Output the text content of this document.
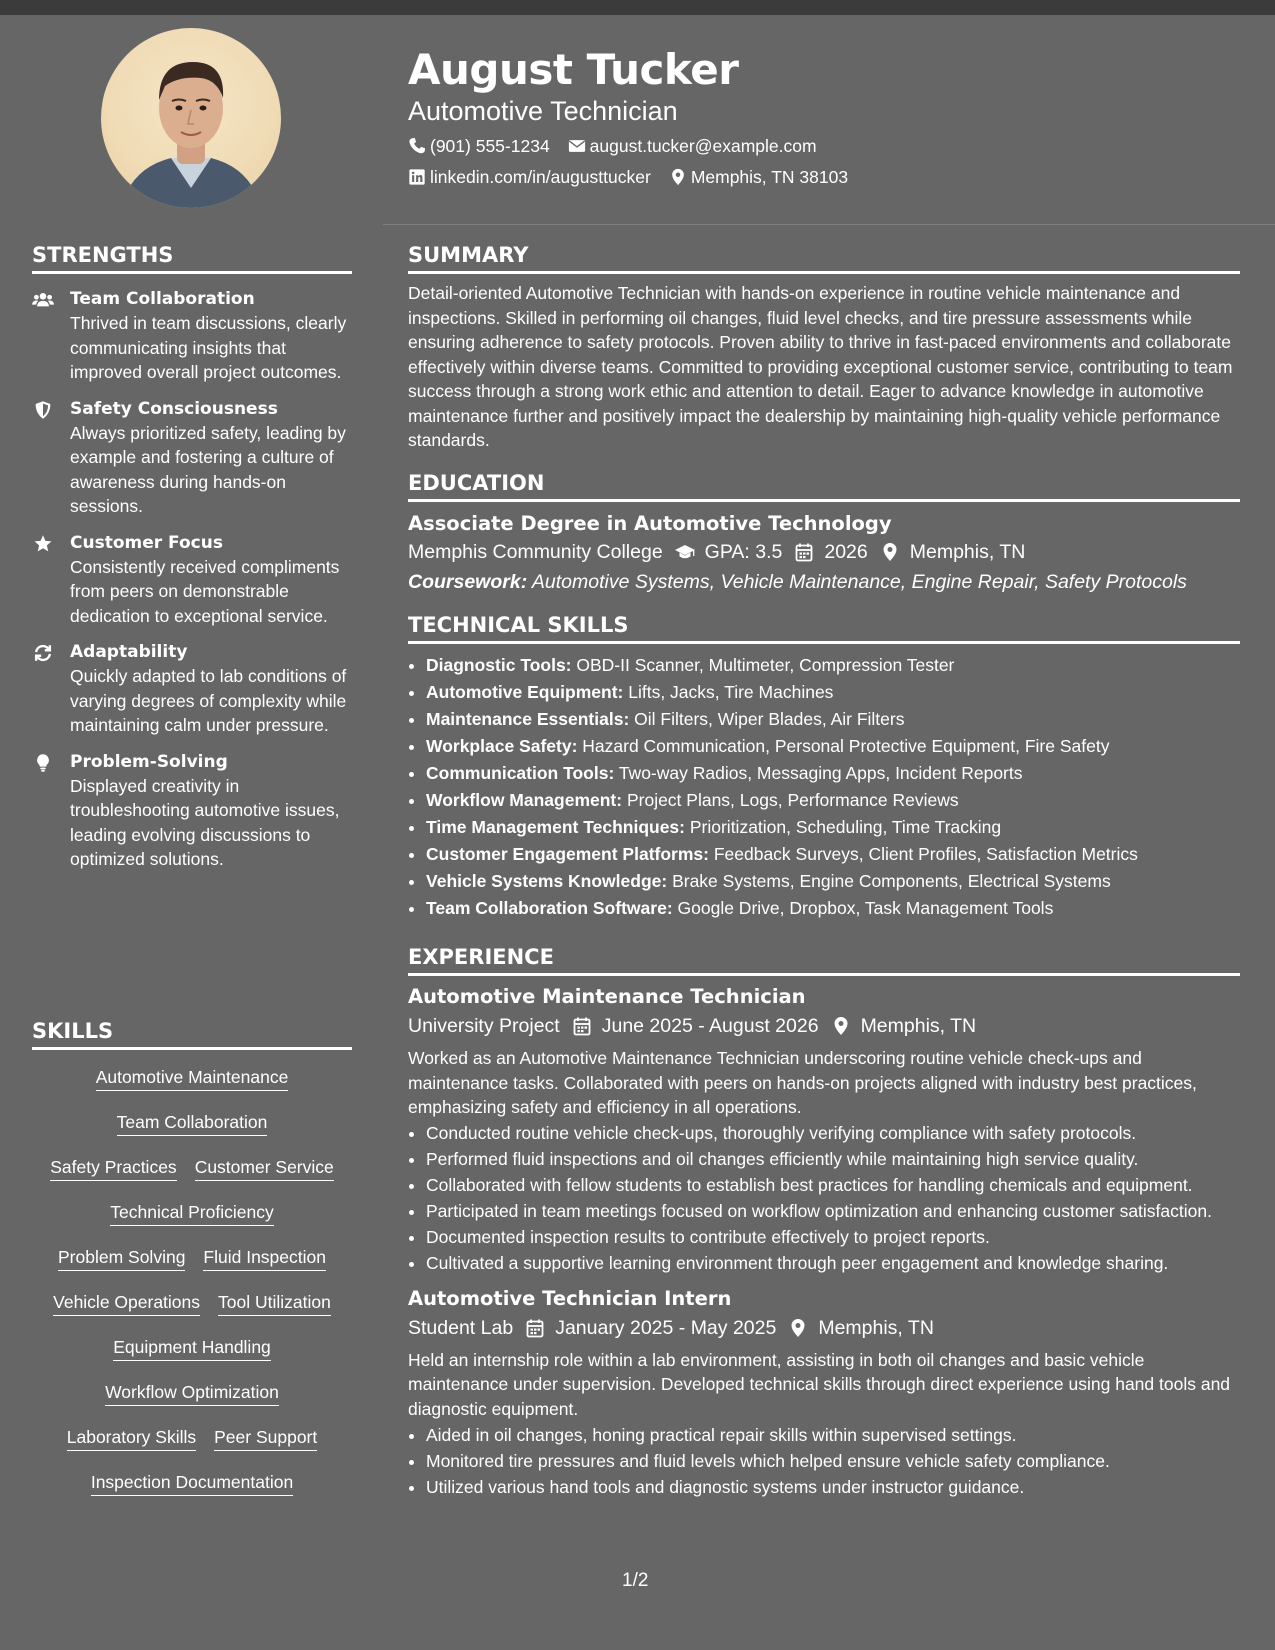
STRENGTHS
Team Collaboration

Thrived in team discussions, clearly communicating insights that improved overall project outcomes.

Safety Consciousness

Always prioritized safety, leading by example and fostering a culture of awareness during hands-on sessions.

Customer Focus

Consistently received compliments from peers on demonstrable dedication to exceptional service.

Adaptability

Quickly adapted to lab conditions of varying degrees of complexity while maintaining calm under pressure.

Problem-Solving

Displayed creativity in troubleshooting automotive issues, leading evolving discussions to optimized solutions.

SKILLS
Automotive Maintenance
Team Collaboration
Safety Practices Customer Service
Technical Proficiency
Problem Solving Fluid Inspection
Vehicle Operations Tool Utilization
Equipment Handling
Workflow Optimization
Laboratory Skills Peer Support
Inspection Documentation
August Tucker
Automotive Technician
(901) 555-1234 august.tucker@example.com
linkedin.com/in/augusttucker Memphis, TN 38103
SUMMARY

Detail-oriented Automotive Technician with hands-on experience in routine vehicle maintenance and inspections. Skilled in performing oil changes, fluid level checks, and tire pressure assessments while ensuring adherence to safety protocols. Proven ability to thrive in fast-paced environments and collaborate effectively within diverse teams. Committed to providing exceptional customer service, contributing to team success through a strong work ethic and attention to detail. Eager to advance knowledge in automotive maintenance further and positively impact the dealership by maintaining high-quality vehicle performance standards.

EDUCATION
Associate Degree in Automotive Technology
Memphis Community College GPA: 3.5 2026 Memphis, TN
Coursework: Automotive Systems, Vehicle Maintenance, Engine Repair, Safety Protocols
TECHNICAL SKILLS
• Diagnostic Tools: OBD-II Scanner, Multimeter, Compression Tester
• Automotive Equipment: Lifts, Jacks, Tire Machines
• Maintenance Essentials: Oil Filters, Wiper Blades, Air Filters
• Workplace Safety: Hazard Communication, Personal Protective Equipment, Fire Safety
• Communication Tools: Two-way Radios, Messaging Apps, Incident Reports
• Workflow Management: Project Plans, Logs, Performance Reviews
• Time Management Techniques: Prioritization, Scheduling, Time Tracking
• Customer Engagement Platforms: Feedback Surveys, Client Profiles, Satisfaction Metrics
• Vehicle Systems Knowledge: Brake Systems, Engine Components, Electrical Systems
• Team Collaboration Software: Google Drive, Dropbox, Task Management Tools
EXPERIENCE
Automotive Maintenance Technician
University Project June 2025 - August 2026 Memphis, TN

Worked as an Automotive Maintenance Technician underscoring routine vehicle check-ups and maintenance tasks. Collaborated with peers on hands-on projects aligned with industry best practices, emphasizing safety and efficiency in all operations.

• Conducted routine vehicle check-ups, thoroughly verifying compliance with safety protocols.
• Performed fluid inspections and oil changes efficiently while maintaining high service quality.
• Collaborated with fellow students to establish best practices for handling chemicals and equipment.
• Participated in team meetings focused on workflow optimization and enhancing customer satisfaction.
• Documented inspection results to contribute effectively to project reports.
• Cultivated a supportive learning environment through peer engagement and knowledge sharing.
Automotive Technician Intern
Student Lab January 2025 - May 2025 Memphis, TN

Held an internship role within a lab environment, assisting in both oil changes and basic vehicle maintenance under supervision. Developed technical skills through direct experience using hand tools and diagnostic equipment.

• Aided in oil changes, honing practical repair skills within supervised settings.
• Monitored tire pressures and fluid levels which helped ensure vehicle safety compliance.
• Utilized various hand tools and diagnostic systems under instructor guidance.
1/2
